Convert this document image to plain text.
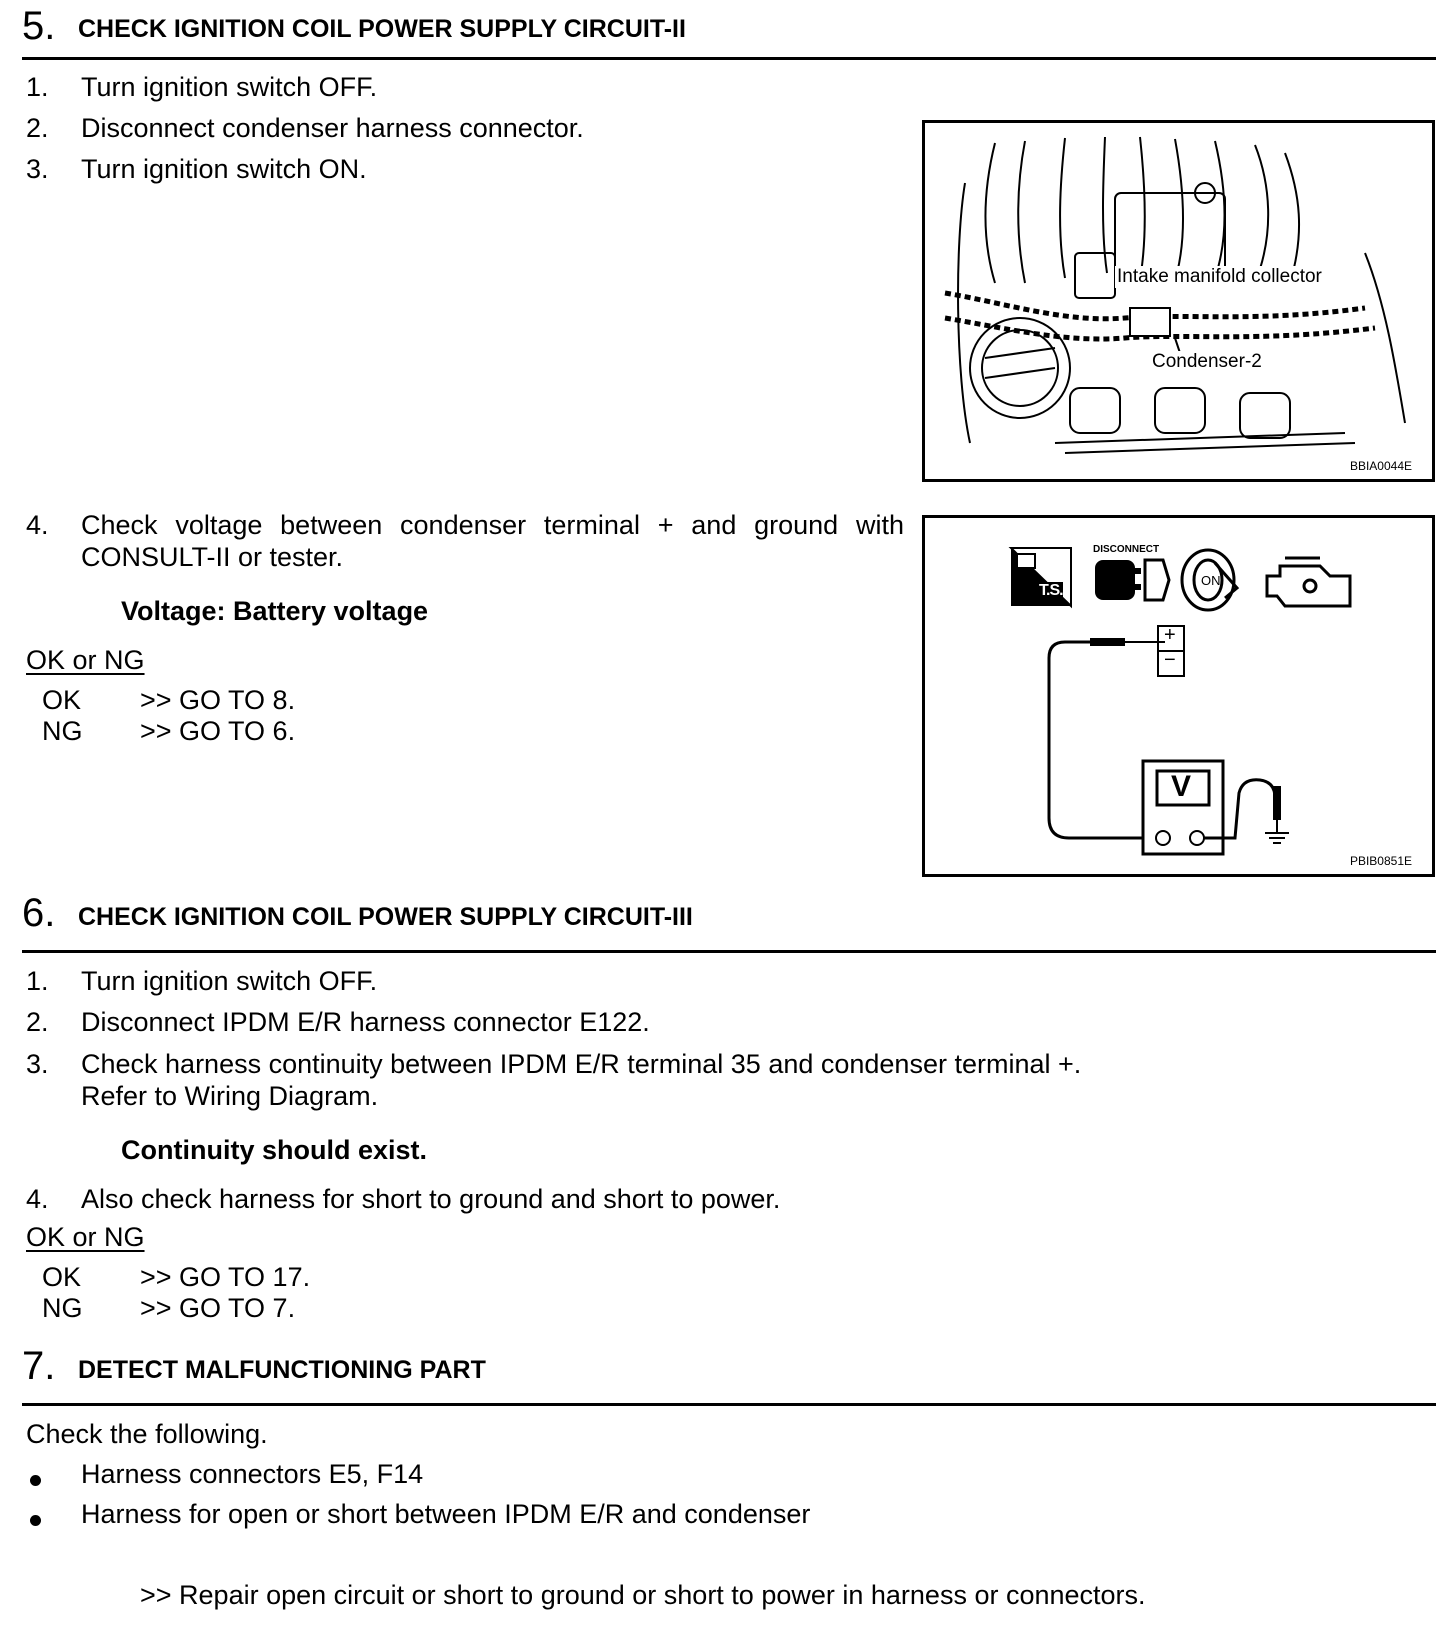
5. CHECK IGNITION COIL POWER SUPPLY CIRCUIT-II
1. Turn ignition switch OFF.
2. Disconnect condenser harness connector.
3. Turn ignition switch ON.
Intake manifold collector
Condenser-2
BBIA0044E
4. Check voltage between condenser terminal + and ground with
CONSULT-II or tester.
Voltage: Battery voltage
OK or NG
OK >> GO TO 8.
NG >> GO TO 6.
T.S.
DISCONNECT
ON
+
−
V
PBIB0851E
6. CHECK IGNITION COIL POWER SUPPLY CIRCUIT-III
1. Turn ignition switch OFF.
2. Disconnect IPDM E/R harness connector E122.
3. Check harness continuity between IPDM E/R terminal 35 and condenser terminal +.
Refer to Wiring Diagram.
Continuity should exist.
4. Also check harness for short to ground and short to power.
OK or NG
OK >> GO TO 17.
NG >> GO TO 7.
7. DETECT MALFUNCTIONING PART
Check the following.
Harness connectors E5, F14
Harness for open or short between IPDM E/R and condenser
>> Repair open circuit or short to ground or short to power in harness or connectors.
